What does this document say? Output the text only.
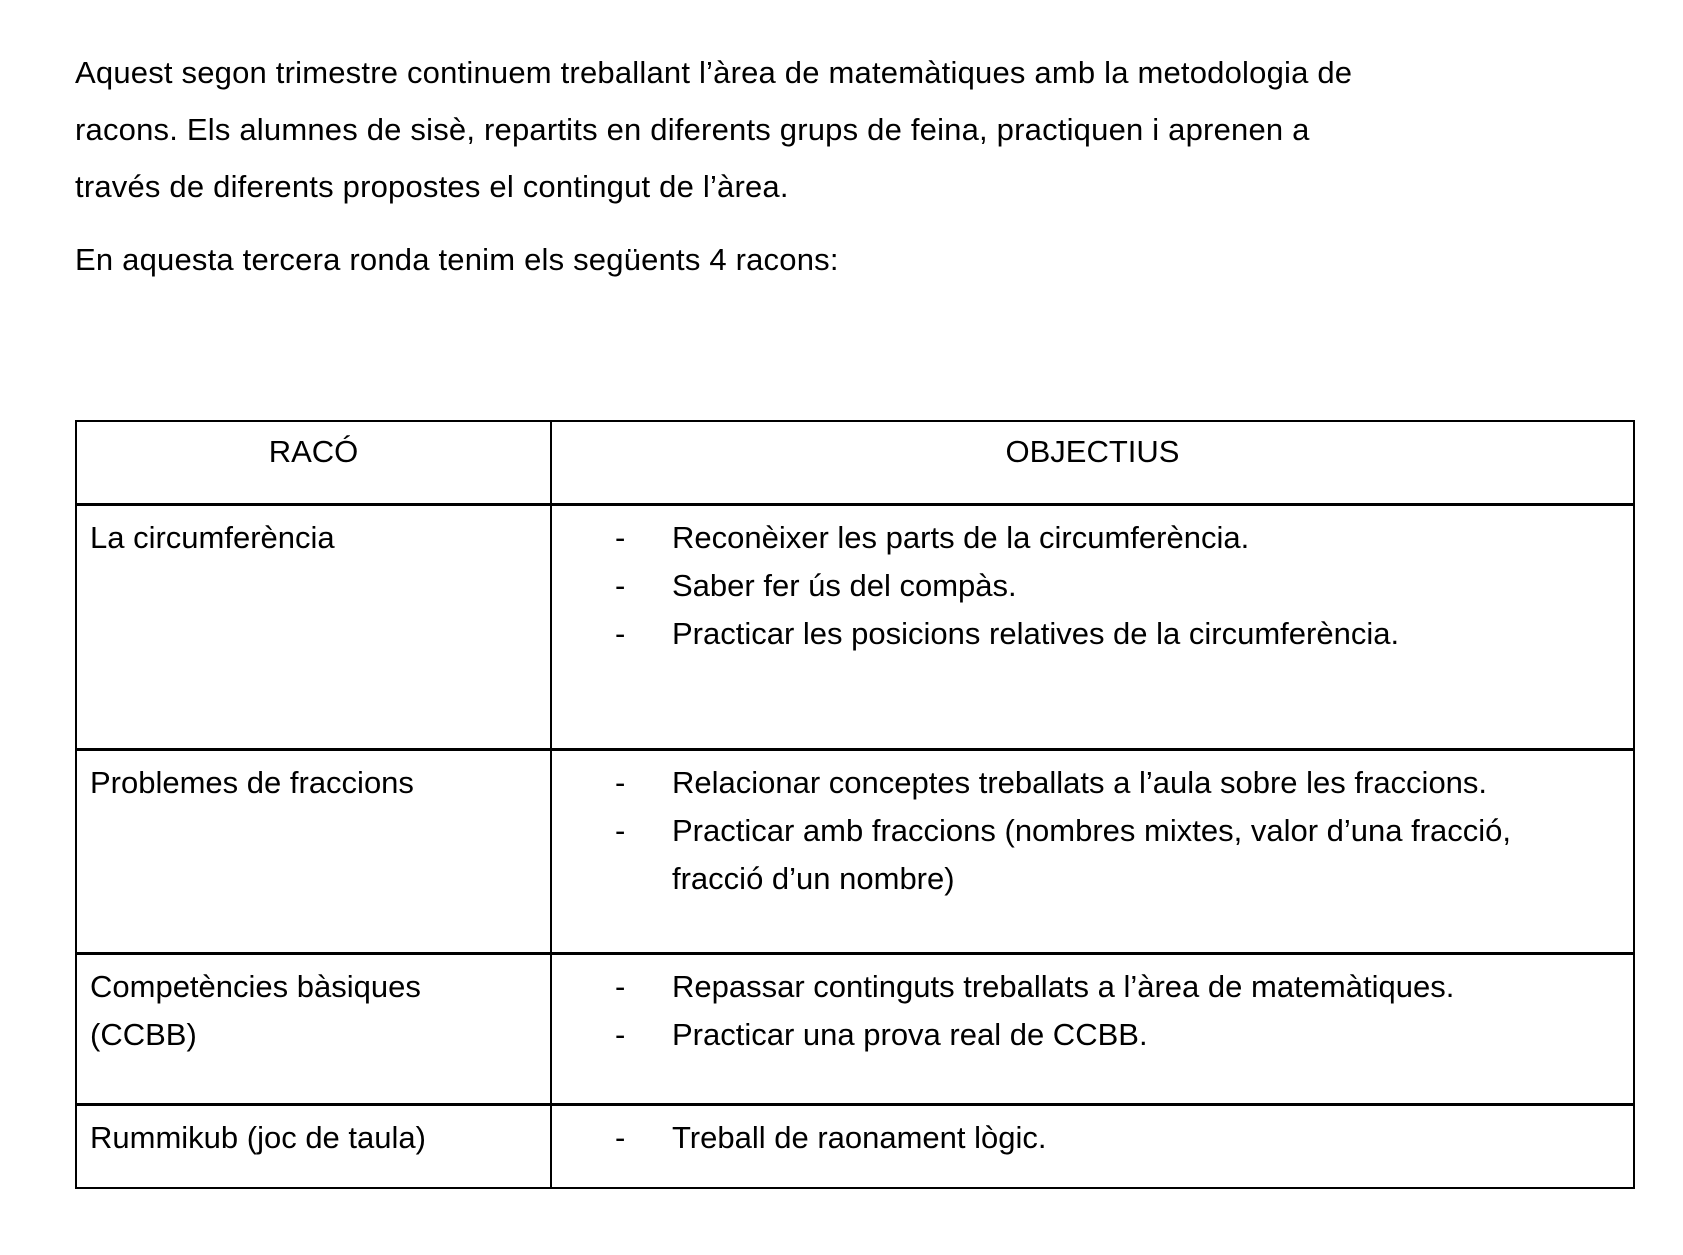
Aquest segon trimestre continuem treballant l’àrea de matemàtiques amb la metodologia de racons. Els alumnes de sisè, repartits en diferents grups de feina, practiquen i aprenen a través de diferents propostes el contingut de l’àrea.

En aquesta tercera ronda tenim els següents 4 racons:

RACÓ	OBJECTIUS
La circumferència	
-Reconèixer les parts de la circumferència.
- Saber fer ús del compàs.
- Practicar les posicions relatives de la circumferència.

Problemes de fraccions	
-Relacionar conceptes treballats a l’aula sobre les fraccions.
- Practicar amb fraccions (nombres mixtes, valor d’una fracció, fracció d’un nombre)

Competències bàsiques (CCBB)	
- Repassar continguts treballats a l’àrea de matemàtiques.
- Practicar una prova real de CCBB.

Rummikub (joc de taula)	
-Treball de raonament lògic.
